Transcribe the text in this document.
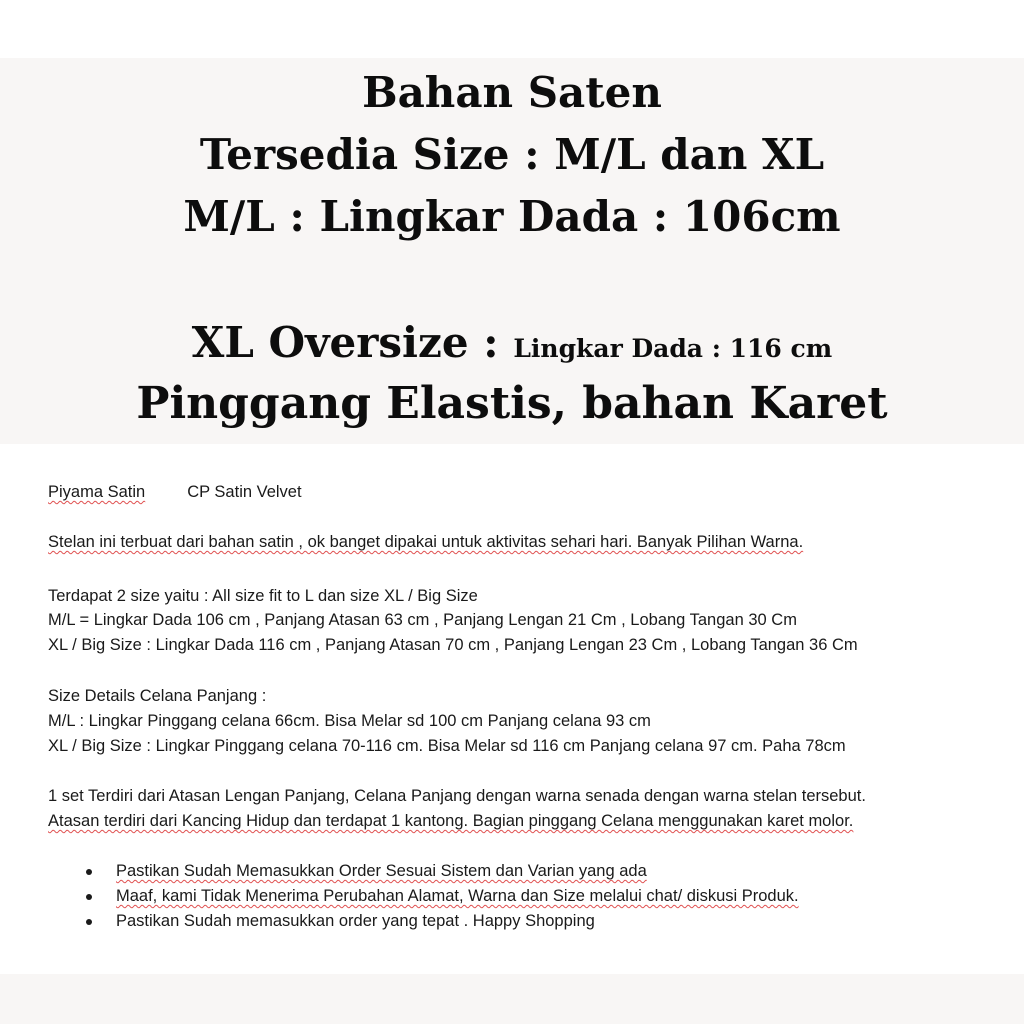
Bahan Saten
Tersedia Size : M/L dan XL
M/L : Lingkar Dada : 106cm
XL Oversize : Lingkar Dada : 116 cm
Pinggang Elastis, bahan Karet
Piyama Satin	CP Satin Velvet
Stelan ini terbuat dari bahan satin , ok banget dipakai untuk aktivitas sehari hari. Banyak Pilihan Warna.
Terdapat 2 size yaitu : All size fit to L dan size XL / Big Size
M/L = Lingkar Dada 106 cm , Panjang Atasan 63 cm , Panjang Lengan 21 Cm , Lobang Tangan 30 Cm
XL / Big Size : Lingkar Dada 116 cm , Panjang Atasan 70 cm , Panjang Lengan 23 Cm , Lobang Tangan 36 Cm
Size Details Celana Panjang :
M/L : Lingkar Pinggang celana 66cm. Bisa Melar sd 100 cm Panjang celana 93 cm
XL / Big Size : Lingkar Pinggang celana 70-116 cm. Bisa Melar sd 116 cm Panjang celana 97 cm. Paha 78cm
1 set Terdiri dari Atasan Lengan Panjang, Celana Panjang dengan warna senada dengan warna stelan tersebut.
Atasan terdiri dari Kancing Hidup dan terdapat 1 kantong. Bagian pinggang Celana menggunakan karet molor.
Pastikan Sudah Memasukkan Order Sesuai Sistem dan Varian yang ada
Maaf, kami Tidak Menerima Perubahan Alamat, Warna dan Size melalui chat/ diskusi Produk.
Pastikan Sudah memasukkan order yang tepat . Happy Shopping
